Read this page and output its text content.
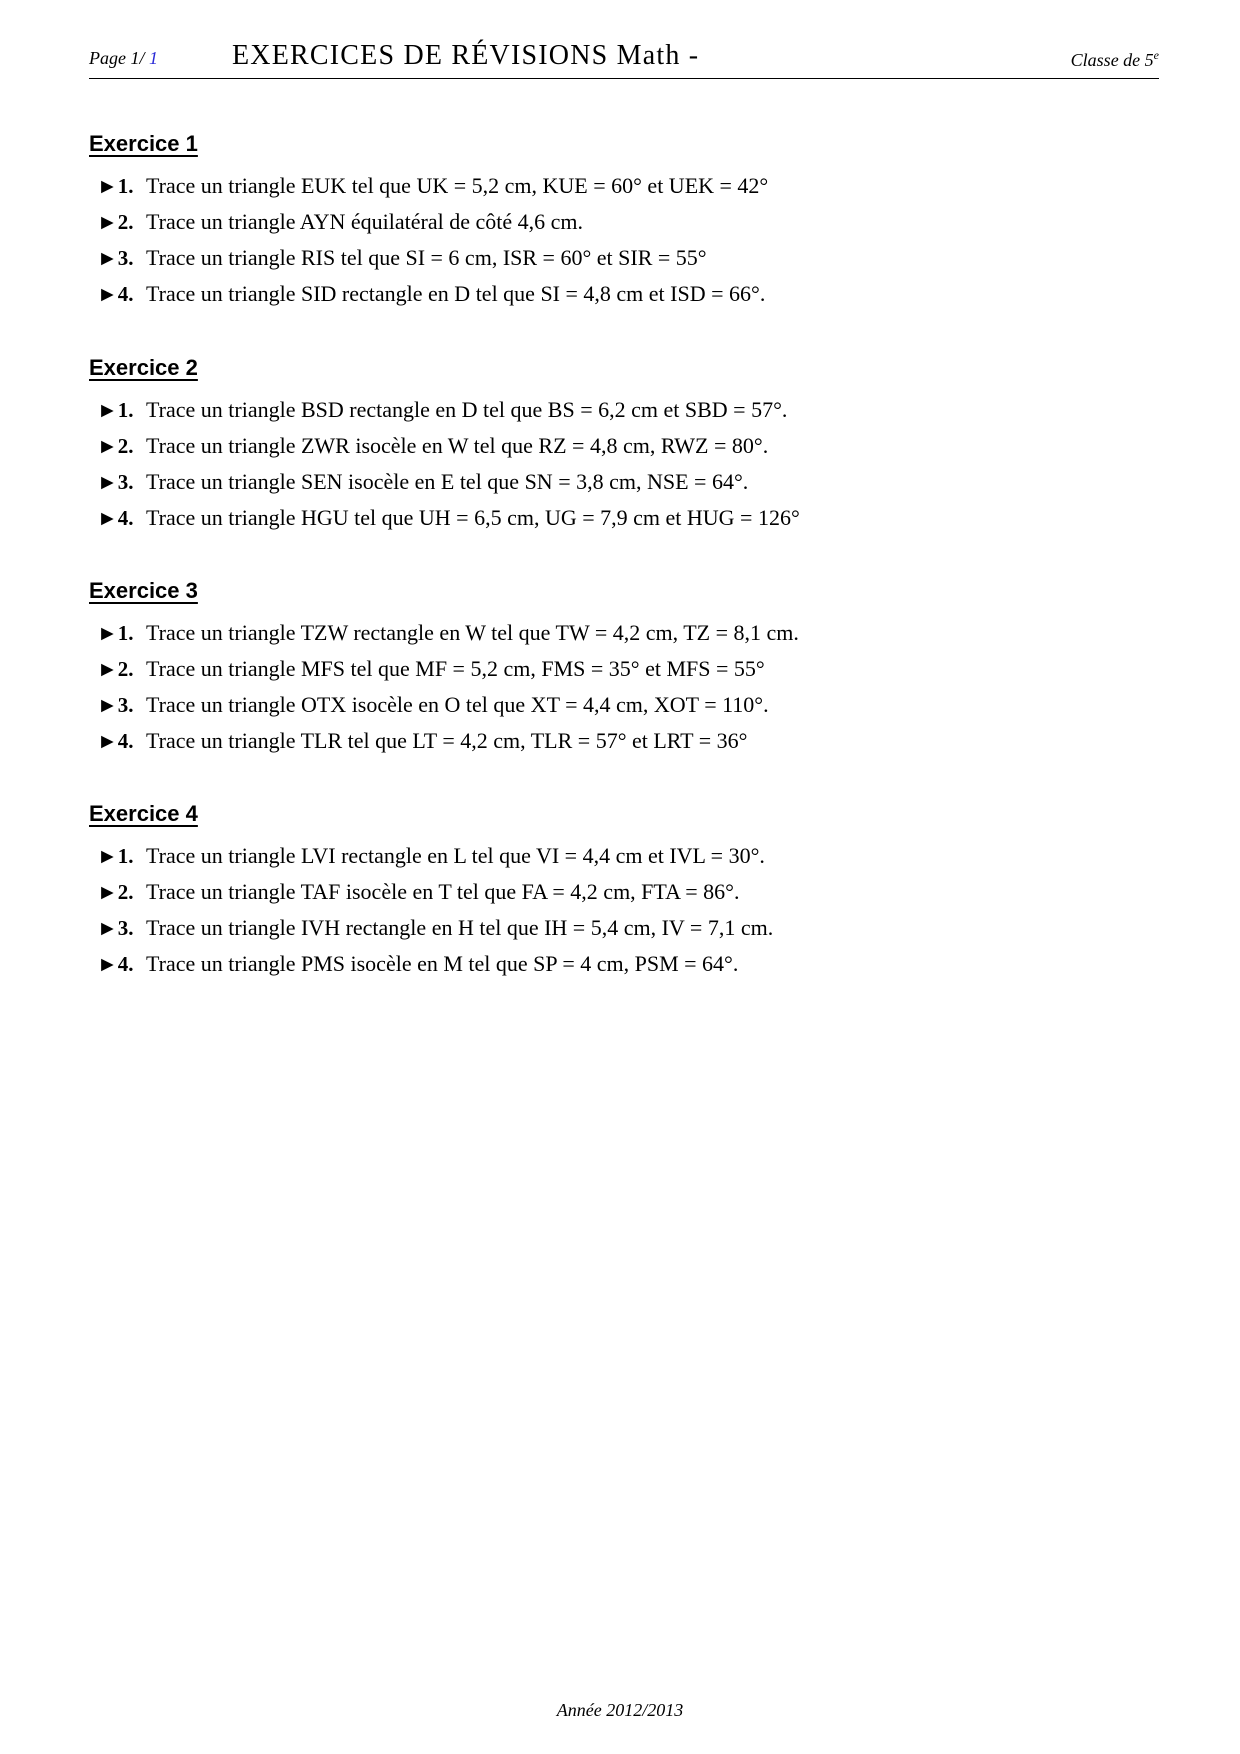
Page 1/ 1	EXERCICES DE RÉVISIONS Math -	Classe de 5e
Exercice 1
►1. Trace un triangle EUK tel que UK = 5,2 cm, KUE = 60° et UEK = 42°
►2. Trace un triangle AYN équilatéral de côté 4,6 cm.
►3. Trace un triangle RIS tel que SI = 6 cm, ISR = 60° et SIR = 55°
►4. Trace un triangle SID rectangle en D tel que SI = 4,8 cm et ISD = 66°.
Exercice 2
►1. Trace un triangle BSD rectangle en D tel que BS = 6,2 cm et SBD = 57°.
►2. Trace un triangle ZWR isocèle en W tel que RZ = 4,8 cm, RWZ = 80°.
►3. Trace un triangle SEN isocèle en E tel que SN = 3,8 cm, NSE = 64°.
►4. Trace un triangle HGU tel que UH = 6,5 cm, UG = 7,9 cm et HUG = 126°
Exercice 3
►1. Trace un triangle TZW rectangle en W tel que TW = 4,2 cm, TZ = 8,1 cm.
►2. Trace un triangle MFS tel que MF = 5,2 cm, FMS = 35° et MFS = 55°
►3. Trace un triangle OTX isocèle en O tel que XT = 4,4 cm, XOT = 110°.
►4. Trace un triangle TLR tel que LT = 4,2 cm, TLR = 57° et LRT = 36°
Exercice 4
►1. Trace un triangle LVI rectangle en L tel que VI = 4,4 cm et IVL = 30°.
►2. Trace un triangle TAF isocèle en T tel que FA = 4,2 cm, FTA = 86°.
►3. Trace un triangle IVH rectangle en H tel que IH = 5,4 cm, IV = 7,1 cm.
►4. Trace un triangle PMS isocèle en M tel que SP = 4 cm, PSM = 64°.
Année 2012/2013
